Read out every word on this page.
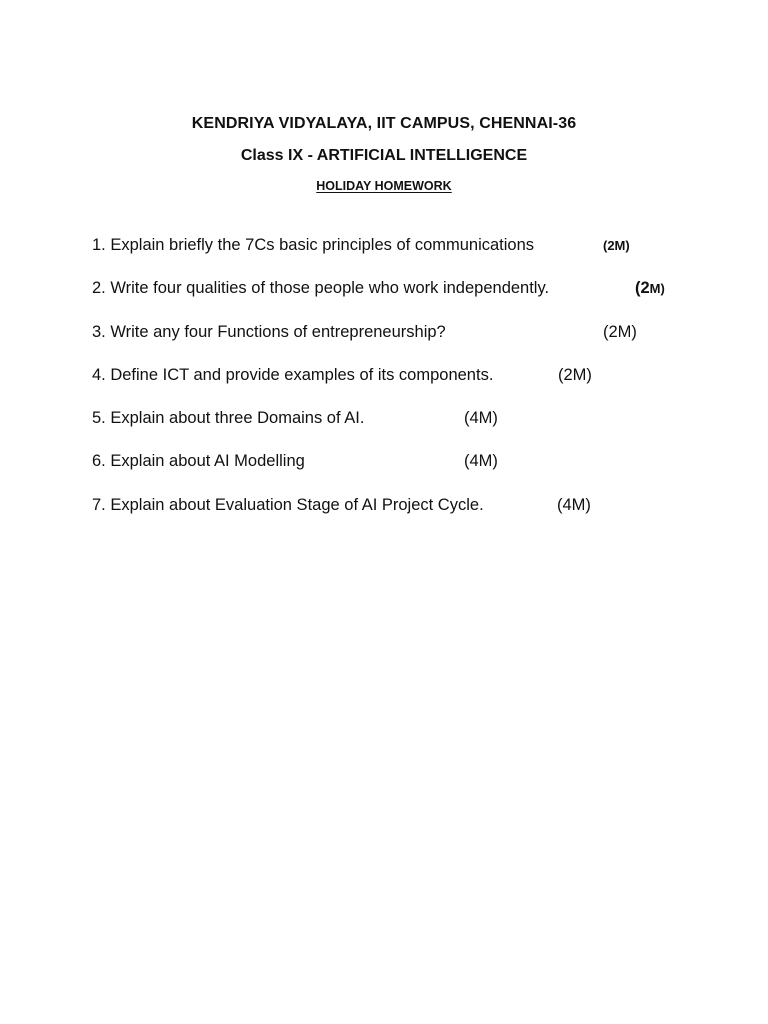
KENDRIYA VIDYALAYA, IIT CAMPUS, CHENNAI-36
Class IX - ARTIFICIAL INTELLIGENCE
HOLIDAY HOMEWORK
1. Explain briefly the 7Cs basic principles of communications	(2M)
2. Write four qualities of those people who work independently.	(2M)
3. Write any four Functions of entrepreneurship?	(2M)
4. Define ICT and provide examples of its components.	(2M)
5. Explain about three Domains of AI.	(4M)
6. Explain about AI Modelling	(4M)
7. Explain about Evaluation Stage of AI Project Cycle.	(4M)
